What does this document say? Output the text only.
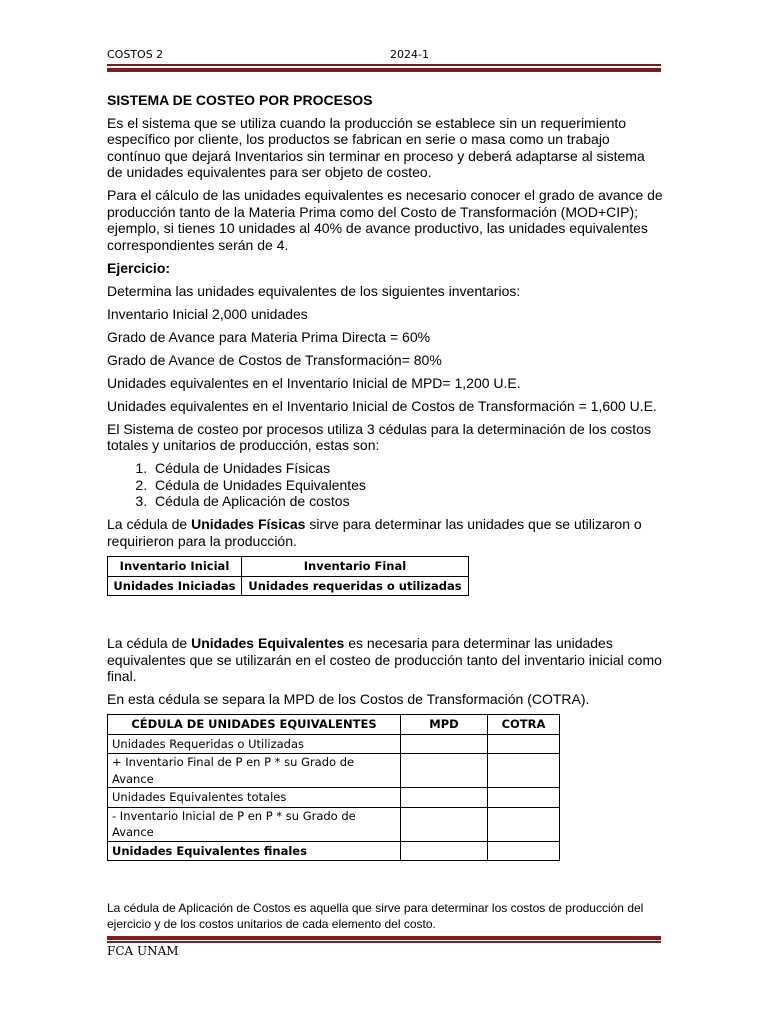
COSTOS 2	2024-1
SISTEMA DE COSTEO POR PROCESOS

Es el sistema que se utiliza cuando la producción se establece sin un requerimiento específico por cliente, los productos se fabrican en serie o masa como un trabajo contínuo que dejará Inventarios sin terminar en proceso y deberá adaptarse al sistema de unidades equivalentes para ser objeto de costeo.

Para el cálculo de las unidades equivalentes es necesario conocer el grado de avance de producción tanto de la Materia Prima como del Costo de Transformación (MOD+CIP); ejemplo, si tienes 10 unidades al 40% de avance productivo, las unidades equivalentes correspondientes serán de 4.

Ejercicio:

Determina las unidades equivalentes de los siguientes inventarios:

Inventario Inicial 2,000 unidades

Grado de Avance para Materia Prima Directa = 60%

Grado de Avance de Costos de Transformación= 80%

Unidades equivalentes en el Inventario Inicial de MPD= 1,200 U.E.

Unidades equivalentes en el Inventario Inicial de Costos de Transformación = 1,600 U.E.

El Sistema de costeo por procesos utiliza 3 cédulas para la determinación de los costos totales y unitarios de producción, estas son:

1. Cédula de Unidades Físicas
2. Cédula de Unidades Equivalentes
3. Cédula de Aplicación de costos

La cédula de Unidades Físicas sirve para determinar las unidades que se utilizaron o requirieron para la producción.

Inventario Inicial	Inventario Final
Unidades Iniciadas	Unidades requeridas o utilizadas

La cédula de Unidades Equivalentes es necesaria para determinar las unidades equivalentes que se utilizarán en el costeo de producción tanto del inventario inicial como final.

En esta cédula se separa la MPD de los Costos de Transformación (COTRA).

CÉDULA DE UNIDADES EQUIVALENTES	MPD	COTRA
Unidades Requeridas o Utilizadas		
+ Inventario Final de P en P * su Grado de Avance		
Unidades Equivalentes totales		
- Inventario Inicial de P en P * su Grado de Avance		
Unidades Equivalentes finales		

La cédula de Aplicación de Costos es aquella que sirve para determinar los costos de producción del ejercicio y de los costos unitarios de cada elemento del costo.

FCA UNAM
